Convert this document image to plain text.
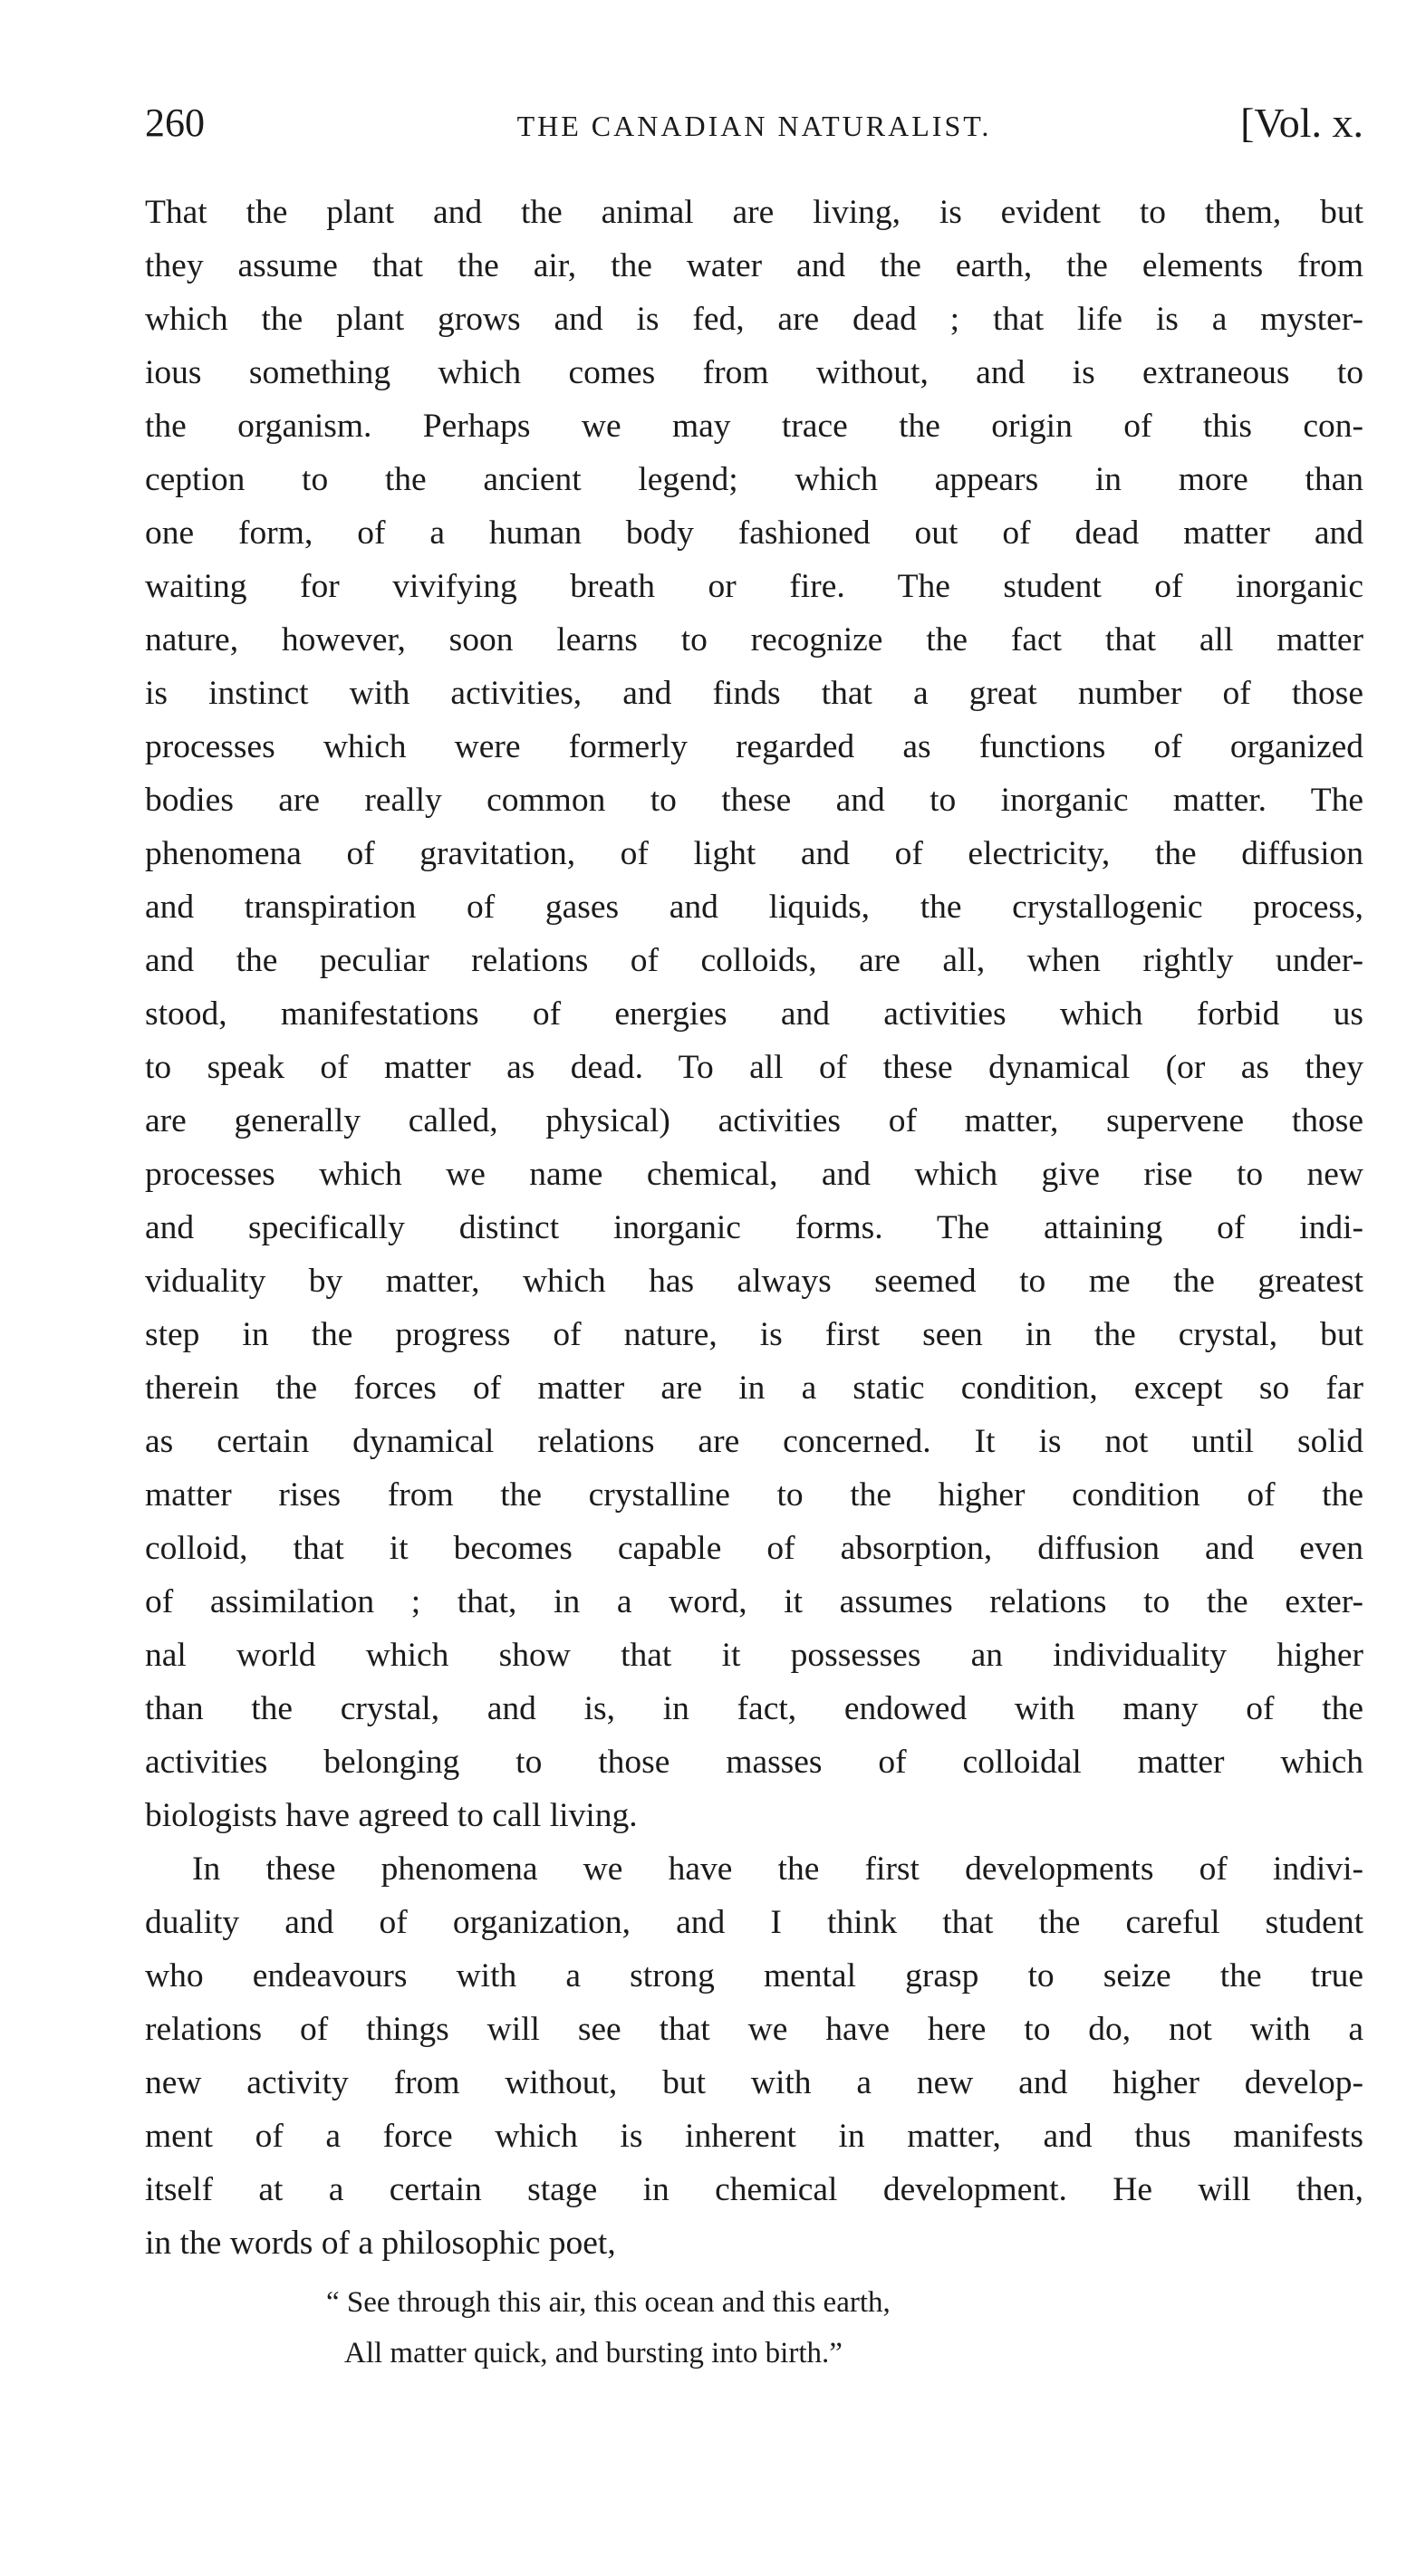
260	THE CANADIAN NATURALIST.	[Vol. x.

That the plant and the animal are living, is evident to them, but
they assume that the air, the water and the earth, the elements from
which the plant grows and is fed, are dead ; that life is a myster-
ious something which comes from without, and is extraneous to
the organism. Perhaps we may trace the origin of this con-
ception to the ancient legend; which appears in more than
one form, of a human body fashioned out of dead matter and
waiting for vivifying breath or fire. The student of inorganic
nature, however, soon learns to recognize the fact that all matter
is instinct with activities, and finds that a great number of those
processes which were formerly regarded as functions of organized
bodies are really common to these and to inorganic matter. The
phenomena of gravitation, of light and of electricity, the diffusion
and transpiration of gases and liquids, the crystallogenic process,
and the peculiar relations of colloids, are all, when rightly under-
stood, manifestations of energies and activities which forbid us
to speak of matter as dead. To all of these dynamical (or as they
are generally called, physical) activities of matter, supervene those
processes which we name chemical, and which give rise to new
and specifically distinct inorganic forms. The attaining of indi-
viduality by matter, which has always seemed to me the greatest
step in the progress of nature, is first seen in the crystal, but
therein the forces of matter are in a static condition, except so far
as certain dynamical relations are concerned. It is not until solid
matter rises from the crystalline to the higher condition of the
colloid, that it becomes capable of absorption, diffusion and even
of assimilation ; that, in a word, it assumes relations to the exter-
nal world which show that it possesses an individuality higher
than the crystal, and is, in fact, endowed with many of the
activities belonging to those masses of colloidal matter which
biologists have agreed to call living.

In these phenomena we have the first developments of indivi-
duality and of organization, and I think that the careful student
who endeavours with a strong mental grasp to seize the true
relations of things will see that we have here to do, not with a
new activity from without, but with a new and higher develop-
ment of a force which is inherent in matter, and thus manifests
itself at a certain stage in chemical development. He will then,
in the words of a philosophic poet,

“ See through this air, this ocean and this earth,
All matter quick, and bursting into birth.”
